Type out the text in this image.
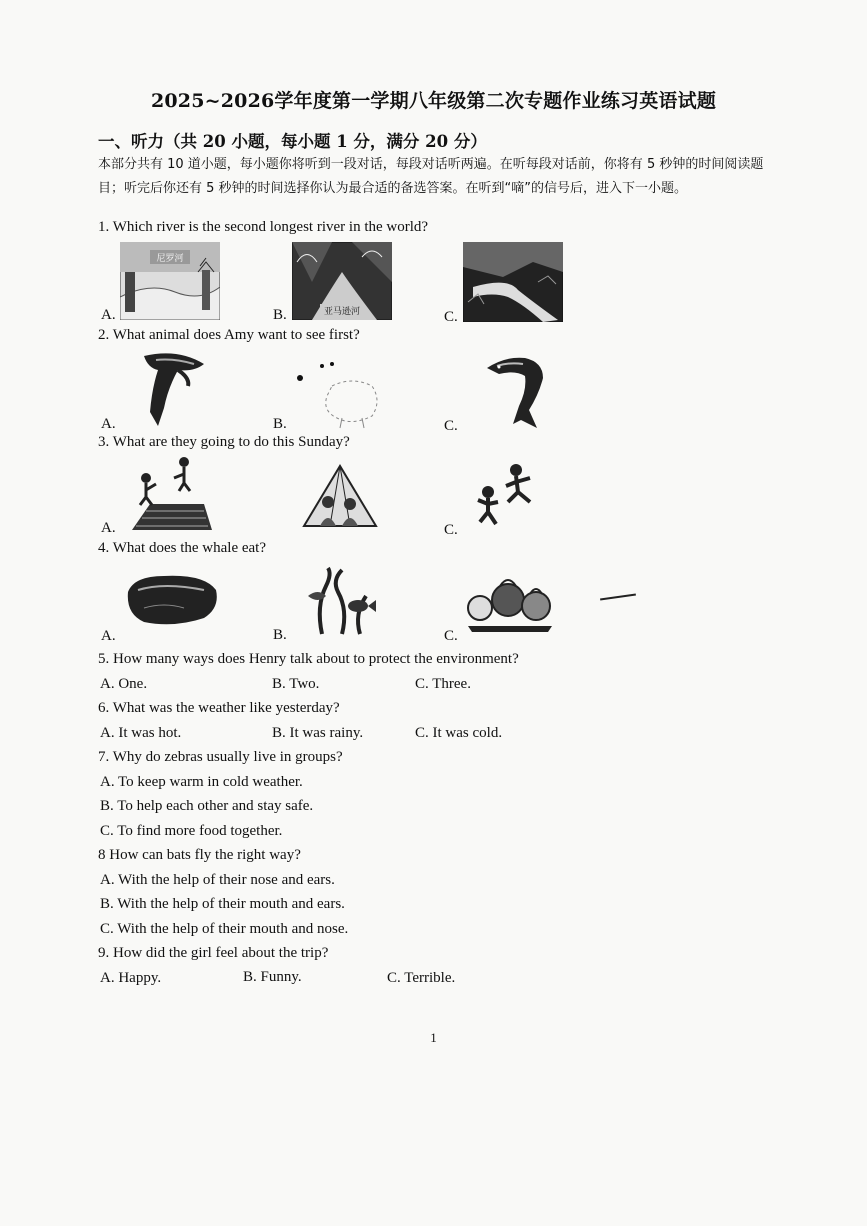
2025~2026学年度第一学期八年级第二次专题作业练习英语试题
一、听力（共 20 小题，每小题 1 分，满分 20 分）
本部分共有 10 道小题，每小题你将听到一段对话，每段对话听两遍。在听每段对话前，你将有 5 秒钟的时间阅读题目；听完后你还有 5 秒钟的时间选择你认为最合适的备选答案。在听到“嘀”的信号后，进入下一小题。
1. Which river is the second longest river in the world?
尼罗河
亚马逊河
A.	B.	C.
2. What animal does Amy want to see first?
A.	B.	C.
3. What are they going to do this Sunday?
A.	C.
4. What does the whale eat?
A.	B.	C.
5. How many ways does Henry talk about to protect the environment?
A. One.	B. Two.	C. Three.
6. What was the weather like yesterday?
A. It was hot.	B. It was rainy.	C. It was cold.
7. Why do zebras usually live in groups?
A. To keep warm in cold weather.
B. To help each other and stay safe.
C. To find more food together.
8 How can bats fly the right way?
A. With the help of their nose and ears.
B. With the help of their mouth and ears.
C. With the help of their mouth and nose.
9. How did the girl feel about the trip?
A. Happy.	B. Funny.	C. Terrible.
1
